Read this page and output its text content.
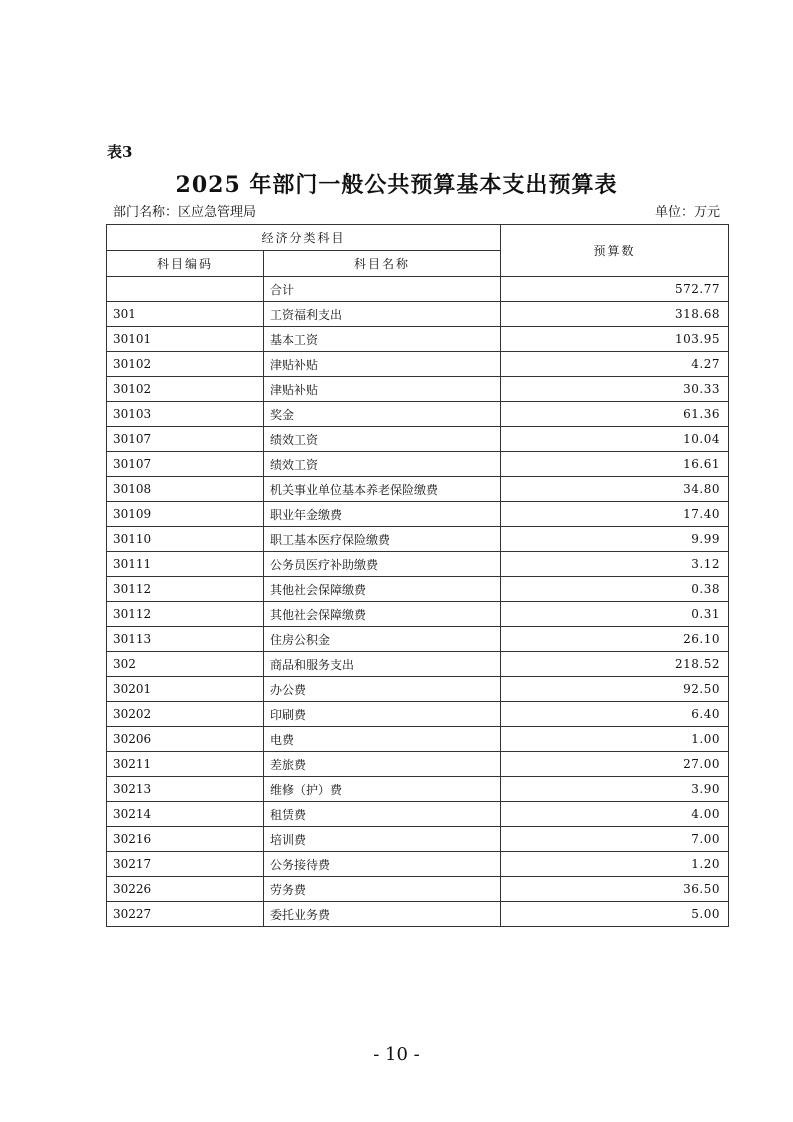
表3
2025 年部门一般公共预算基本支出预算表
部门名称：区应急管理局	单位：万元
经济分类科目		预算数
科目编码	科目名称	
	合计	572.77
301	工资福利支出	318.68
30101	基本工资	103.95
30102	津贴补贴	4.27
30102	津贴补贴	30.33
30103	奖金	61.36
30107	绩效工资	10.04
30107	绩效工资	16.61
30108	机关事业单位基本养老保险缴费	34.80
30109	职业年金缴费	17.40
30110	职工基本医疗保险缴费	9.99
30111	公务员医疗补助缴费	3.12
30112	其他社会保障缴费	0.38
30112	其他社会保障缴费	0.31
30113	住房公积金	26.10
302	商品和服务支出	218.52
30201	办公费	92.50
30202	印刷费	6.40
30206	电费	1.00
30211	差旅费	27.00
30213	维修（护）费	3.90
30214	租赁费	4.00
30216	培训费	7.00
30217	公务接待费	1.20
30226	劳务费	36.50
30227	委托业务费	5.00
- 10 -
